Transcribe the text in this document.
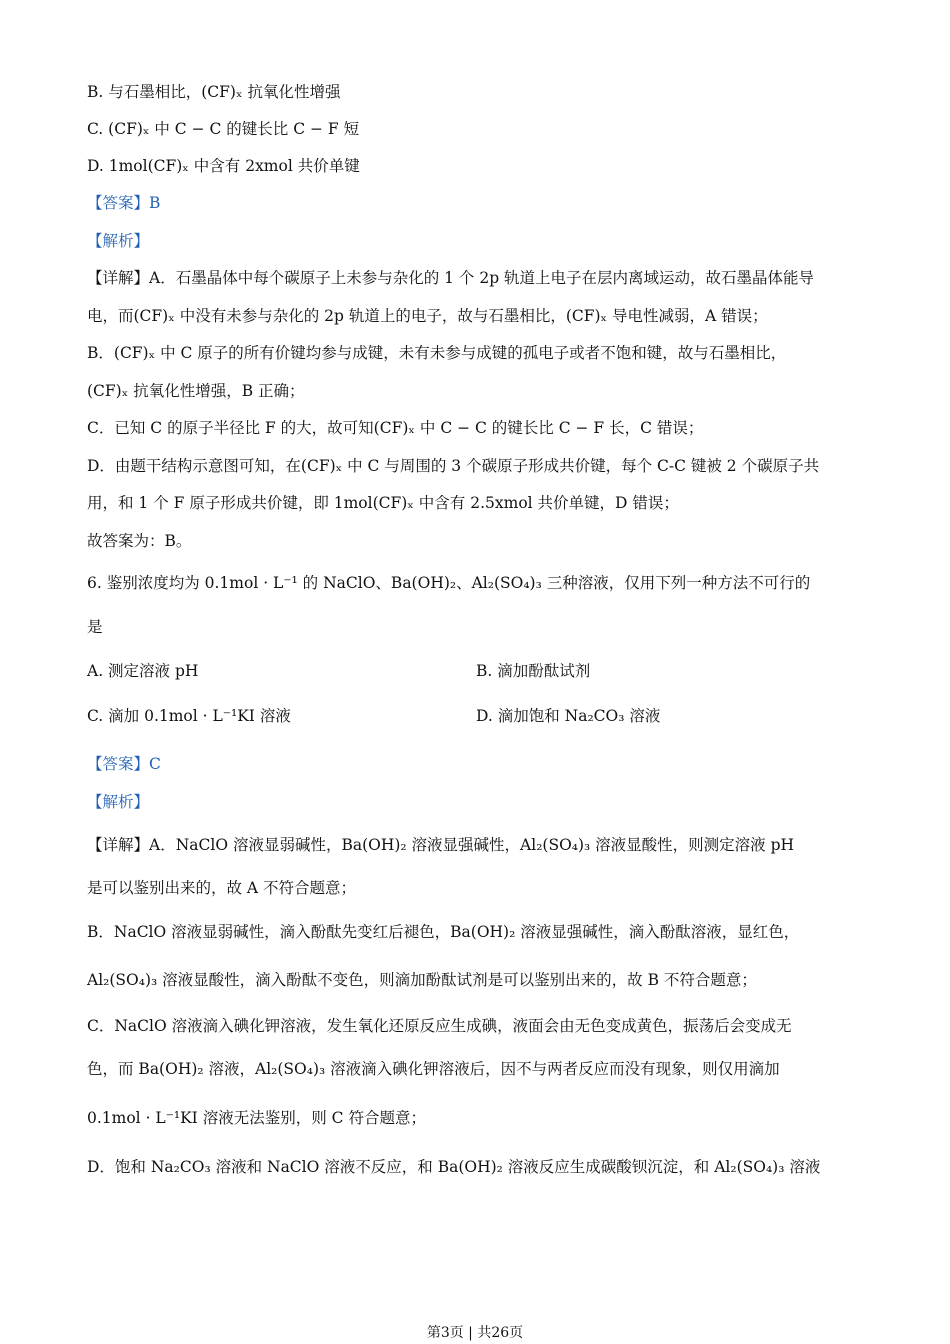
B. 与石墨相比，(CF)ₓ 抗氧化性增强
C. (CF)ₓ 中 C − C 的键长比 C − F 短
D. 1mol(CF)ₓ 中含有 2xmol 共价单键
【答案】B
【解析】
【详解】A．石墨晶体中每个碳原子上未参与杂化的 1 个 2p 轨道上电子在层内离域运动，故石墨晶体能导
电，而(CF)ₓ 中没有未参与杂化的 2p 轨道上的电子，故与石墨相比，(CF)ₓ 导电性减弱，A 错误；
B．(CF)ₓ 中 C 原子的所有价键均参与成键，未有未参与成键的孤电子或者不饱和键，故与石墨相比，
(CF)ₓ 抗氧化性增强，B 正确；
C．已知 C 的原子半径比 F 的大，故可知(CF)ₓ 中 C − C 的键长比 C − F 长，C 错误；
D．由题干结构示意图可知，在(CF)ₓ 中 C 与周围的 3 个碳原子形成共价键，每个 C-C 键被 2 个碳原子共
用，和 1 个 F 原子形成共价键，即 1mol(CF)ₓ 中含有 2.5xmol 共价单键，D 错误；
故答案为：B。
6. 鉴别浓度均为 0.1mol · L⁻¹ 的 NaClO、Ba(OH)₂、Al₂(SO₄)₃ 三种溶液，仅用下列一种方法不可行的
是
A. 测定溶液 pH	B. 滴加酚酞试剂
C. 滴加 0.1mol · L⁻¹KI 溶液	D. 滴加饱和 Na₂CO₃ 溶液
【答案】C
【解析】
【详解】A．NaClO 溶液显弱碱性，Ba(OH)₂ 溶液显强碱性，Al₂(SO₄)₃ 溶液显酸性，则测定溶液 pH
是可以鉴别出来的，故 A 不符合题意；
B．NaClO 溶液显弱碱性，滴入酚酞先变红后褪色，Ba(OH)₂ 溶液显强碱性，滴入酚酞溶液，显红色，
Al₂(SO₄)₃ 溶液显酸性，滴入酚酞不变色，则滴加酚酞试剂是可以鉴别出来的，故 B 不符合题意；
C．NaClO 溶液滴入碘化钾溶液，发生氧化还原反应生成碘，液面会由无色变成黄色，振荡后会变成无
色，而 Ba(OH)₂ 溶液，Al₂(SO₄)₃ 溶液滴入碘化钾溶液后，因不与两者反应而没有现象，则仅用滴加
0.1mol · L⁻¹KI 溶液无法鉴别，则 C 符合题意；
D．饱和 Na₂CO₃ 溶液和 NaClO 溶液不反应，和 Ba(OH)₂ 溶液反应生成碳酸钡沉淀，和 Al₂(SO₄)₃ 溶液
第3页 | 共26页
